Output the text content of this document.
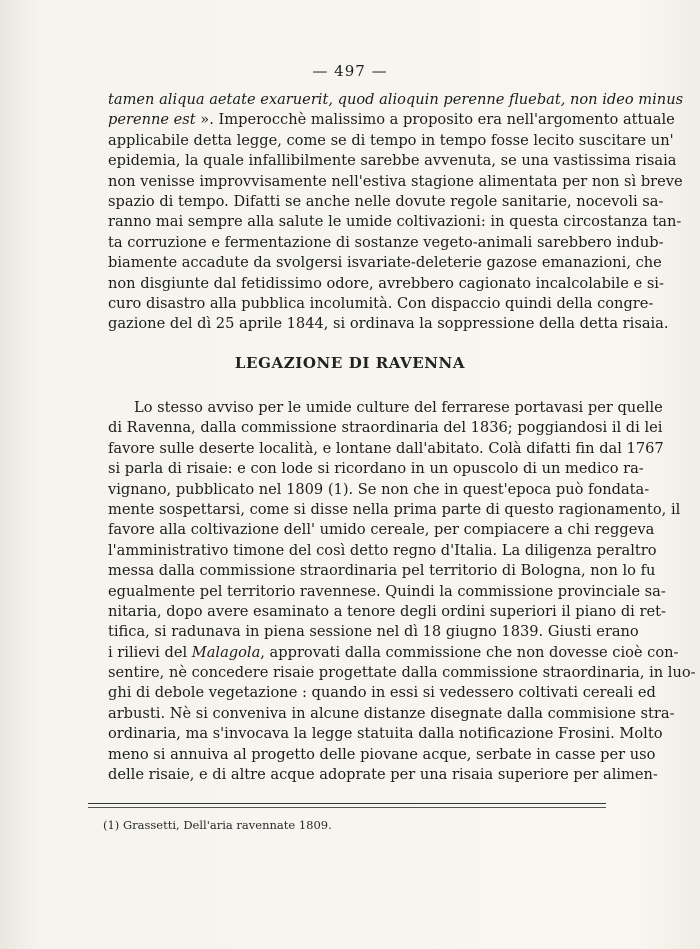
— 497 —
tamen aliqua aetate exaruerit, quod alioquin perenne fluebat, non ideo minus
perenne est ». Imperocchè malissimo a proposito era nell'argomento attuale
applicabile detta legge, come se di tempo in tempo fosse lecito suscitare un'
epidemia, la quale infallibilmente sarebbe avvenuta, se una vastissima risaia
non venisse improvvisamente nell'estiva stagione alimentata per non sì breve
spazio di tempo. Difatti se anche nelle dovute regole sanitarie, nocevoli sa-
ranno mai sempre alla salute le umide coltivazioni: in questa circostanza tan-
ta corruzione e fermentazione di sostanze vegeto-animali sarebbero indub-
biamente accadute da svolgersi isvariate-deleterie gazose emanazioni, che
non disgiunte dal fetidissimo odore, avrebbero cagionato incalcolabile e si-
curo disastro alla pubblica incolumità. Con dispaccio quindi della congre-
gazione del dì 25 aprile 1844, si ordinava la soppressione della detta risaia.
LEGAZIONE DI RAVENNA
Lo stesso avviso per le umide culture del ferrarese portavasi per quelle
di Ravenna, dalla commissione straordinaria del 1836; poggiandosi il di lei
favore sulle deserte località, e lontane dall'abitato. Colà difatti fin dal 1767
si parla di risaie: e con lode si ricordano in un opuscolo di un medico ra-
vignano, pubblicato nel 1809 (1). Se non che in quest'epoca può fondata-
mente sospettarsi, come si disse nella prima parte di questo ragionamento, il
favore alla coltivazione dell' umido cereale, per compiacere a chi reggeva
l'amministrativo timone del così detto regno d'Italia. La diligenza peraltro
messa dalla commissione straordinaria pel territorio di Bologna, non lo fu
egualmente pel territorio ravennese. Quindi la commissione provinciale sa-
nitaria, dopo avere esaminato a tenore degli ordini superiori il piano di ret-
tifica, si radunava in piena sessione nel dì 18 giugno 1839. Giusti erano
i rilievi del Malagola, approvati dalla commissione che non dovesse cioè con-
sentire, nè concedere risaie progettate dalla commissione straordinaria, in luo-
ghi di debole vegetazione : quando in essi si vedessero coltivati cereali ed
arbusti. Nè si conveniva in alcune distanze disegnate dalla commisione stra-
ordinaria, ma s'invocava la legge statuita dalla notificazione Frosini. Molto
meno si annuiva al progetto delle piovane acque, serbate in casse per uso
delle risaie, e di altre acque adoprate per una risaia superiore per alimen-
(1) Grassetti, Dell'aria ravennate 1809.
